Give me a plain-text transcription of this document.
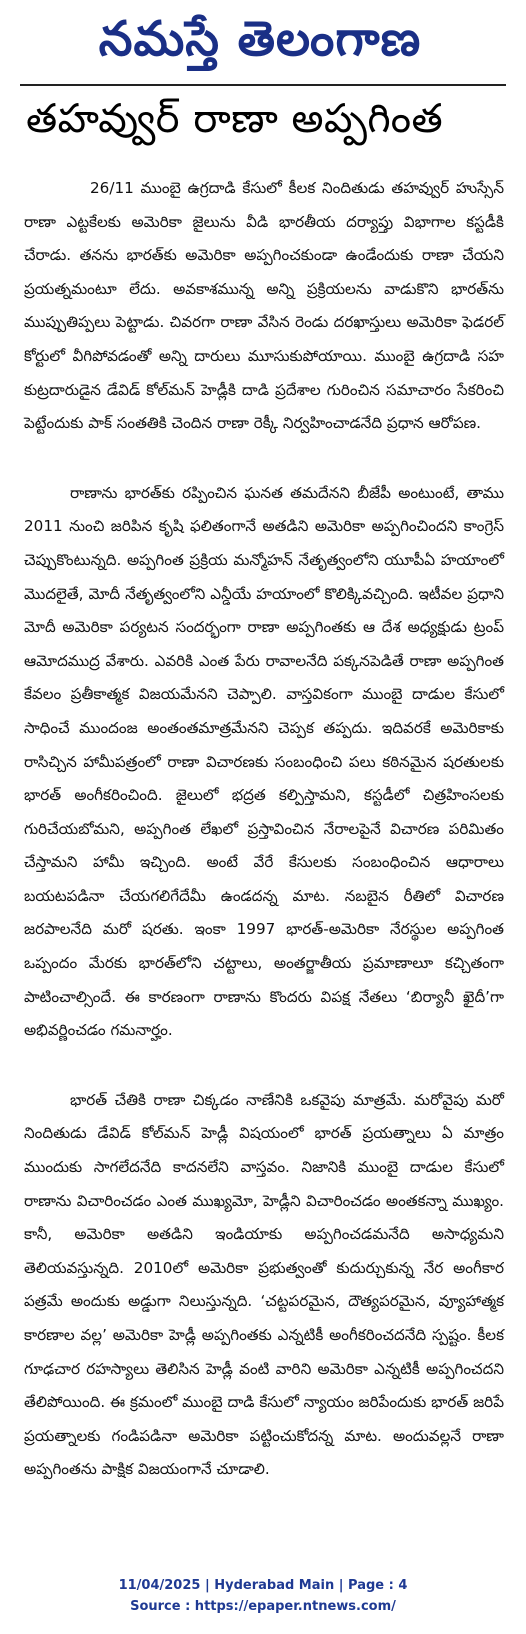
నమస్తే తెలంగాణ
తహవ్వుర్ రాణా అప్పగింత

26/11 ముంబై ఉగ్రదాడి కేసులో కీలక నిందితుడు తహవ్వుర్ హుస్సేన్ రాణా ఎట్టకేలకు అమెరికా జైలును వీడి భారతీయ దర్యాప్తు విభాగాల కస్టడీకి చేరాడు. తనను భారత్‌కు అమెరికా అప్పగించకుండా ఉండేందుకు రాణా చేయని ప్రయత్నమంటూ లేదు. అవకాశమున్న అన్ని ప్రక్రియలను వాడుకొని భారత్‌ను ముప్పుతిప్పలు పెట్టాడు. చివరగా రాణా వేసిన రెండు దరఖాస్తులు అమెరికా ఫెడరల్ కోర్టులో వీగిపోవడంతో అన్ని దారులు మూసుకుపోయాయి. ముంబై ఉగ్రదాడి సహ కుట్రదారుడైన డేవిడ్ కోల్‌మన్ హెడ్లీకి దాడి ప్రదేశాల గురించిన సమాచారం సేకరించి పెట్టేందుకు పాక్ సంతతికి చెందిన రాణా రెక్కీ నిర్వహించాడనేది ప్రధాన ఆరోపణ.

రాణాను భారత్‌కు రప్పించిన ఘనత తమదేనని బీజేపీ అంటుంటే, తాము 2011 నుంచి జరిపిన కృషి ఫలితంగానే అతడిని అమెరికా అప్పగించిందని కాంగ్రెస్ చెప్పుకొంటున్నది. అప్పగింత ప్రక్రియ మన్మోహన్ నేతృత్వంలోని యూపీఏ హయాంలో మొదలైతే, మోదీ నేతృత్వంలోని ఎన్డీయే హయాంలో కొలిక్కివచ్చింది. ఇటీవల ప్రధాని మోదీ అమెరికా పర్యటన సందర్భంగా రాణా అప్పగింతకు ఆ దేశ అధ్యక్షుడు ట్రంప్ ఆమోదముద్ర వేశారు. ఎవరికి ఎంత పేరు రావాలనేది పక్కనపెడితే రాణా అప్పగింత కేవలం ప్రతీకాత్మక విజయమేనని చెప్పాలి. వాస్తవికంగా ముంబై దాడుల కేసులో సాధించే ముందంజ అంతంతమాత్రమేనని చెప్పక తప్పదు. ఇదివరకే అమెరికాకు రాసిచ్చిన హామీపత్రంలో రాణా విచారణకు సంబంధించి పలు కఠినమైన షరతులకు భారత్ అంగీకరించింది. జైలులో భద్రత కల్పిస్తామని, కస్టడీలో చిత్రహింసలకు గురిచేయబోమని, అప్పగింత లేఖలో ప్రస్తావించిన నేరాలపైనే విచారణ పరిమితం చేస్తామని హామీ ఇచ్చింది. అంటే వేరే కేసులకు సంబంధించిన ఆధారాలు బయటపడినా చేయగలిగేదేమీ ఉండదన్న మాట. నబబైన రీతిలో విచారణ జరపాలనేది మరో షరతు. ఇంకా 1997 భారత్-అమెరికా నేరస్థుల అప్పగింత ఒప్పందం మేరకు భారత్‌లోని చట్టాలు, అంతర్జాతీయ ప్రమాణాలూ కచ్చితంగా పాటించాల్సిందే. ఈ కారణంగా రాణాను కొందరు విపక్ష నేతలు ‘బిర్యానీ ఖైదీ’గా అభివర్ణించడం గమనార్హం.

భారత్ చేతికి రాణా చిక్కడం నాణేనికి ఒకవైపు మాత్రమే. మరోవైపు మరో నిందితుడు డేవిడ్ కోల్‌మన్ హెడ్లీ విషయంలో భారత్ ప్రయత్నాలు ఏ మాత్రం ముందుకు సాగలేదనేది కాదనలేని వాస్తవం. నిజానికి ముంబై దాడుల కేసులో రాణాను విచారించడం ఎంత ముఖ్యమో, హెడ్లీని విచారించడం అంతకన్నా ముఖ్యం. కానీ, అమెరికా అతడిని ఇండియాకు అప్పగించడమనేది అసాధ్యమని తెలియవస్తున్నది. 2010లో అమెరికా ప్రభుత్వంతో కుదుర్చుకున్న నేర అంగీకార పత్రమే అందుకు అడ్డుగా నిలుస్తున్నది. ‘చట్టపరమైన, దౌత్యపరమైన, వ్యూహాత్మక కారణాల వల్ల’ అమెరికా హెడ్లీ అప్పగింతకు ఎన్నటికీ అంగీకరించదనేది స్పష్టం. కీలక గూఢచార రహస్యాలు తెలిసిన హెడ్లీ వంటి వారిని అమెరికా ఎన్నటికీ అప్పగించదని తేలిపోయింది. ఈ క్రమంలో ముంబై దాడి కేసులో న్యాయం జరిపేందుకు భారత్ జరిపే ప్రయత్నాలకు గండిపడినా అమెరికా పట్టించుకోదన్న మాట. అందువల్లనే రాణా అప్పగింతను పాక్షిక విజయంగానే చూడాలి.

11/04/2025 | Hyderabad Main | Page : 4
Source : https://epaper.ntnews.com/
